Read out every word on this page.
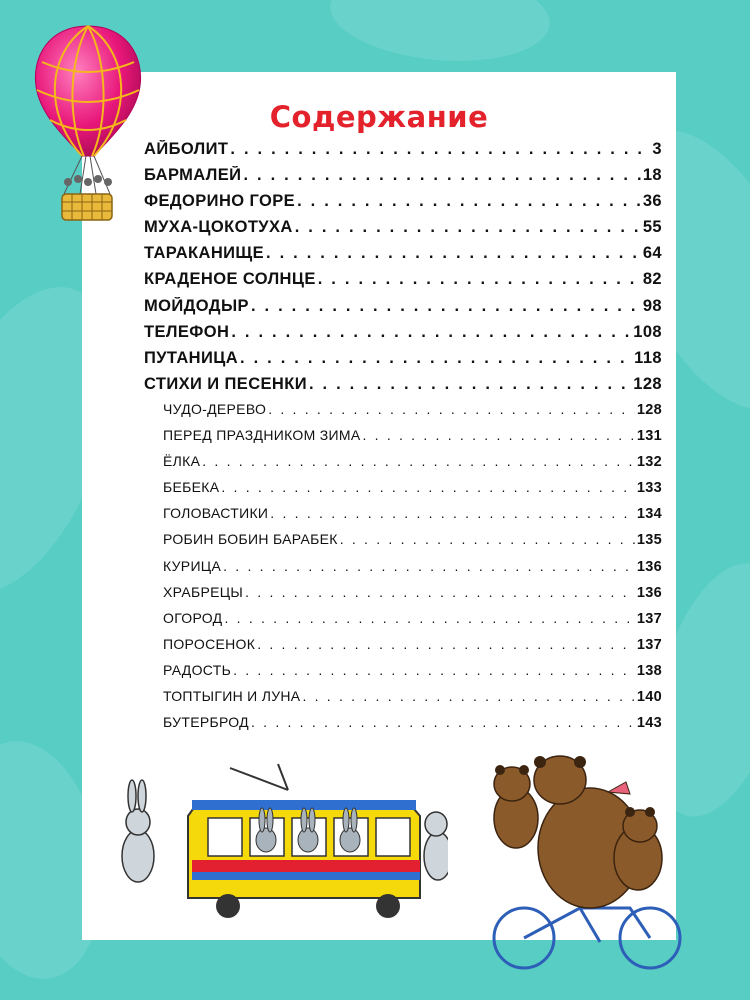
Содержание
АЙБОЛИТ . . .	3
БАРМАЛЕЙ . . .	18
ФЕДОРИНО ГОРЕ . . .	36
МУХА-ЦОКОТУХА . . .	55
ТАРАКАНИЩЕ . . .	64
КРАДЕНОЕ СОЛНЦЕ . . .	82
МОЙДОДЫР . . .	98
ТЕЛЕФОН . . .	108
ПУТАНИЦА . . .	118
СТИХИ И ПЕСЕНКИ . . .	128
ЧУДО-ДЕРЕВО . . .	128
ПЕРЕД ПРАЗДНИКОМ ЗИМА . . .	131
ЁЛКА . . .	132
БЕБЕКА . . .	133
ГОЛОВАСТИКИ . . .	134
РОБИН БОБИН БАРАБЕК . . .	135
КУРИЦА . . .	136
ХРАБРЕЦЫ . . .	136
ОГОРОД . . .	137
ПОРОСЕНОК . . .	137
РАДОСТЬ . . .	138
ТОПТЫГИН И ЛУНА . . .	140
БУТЕРБРОД . . .	143
